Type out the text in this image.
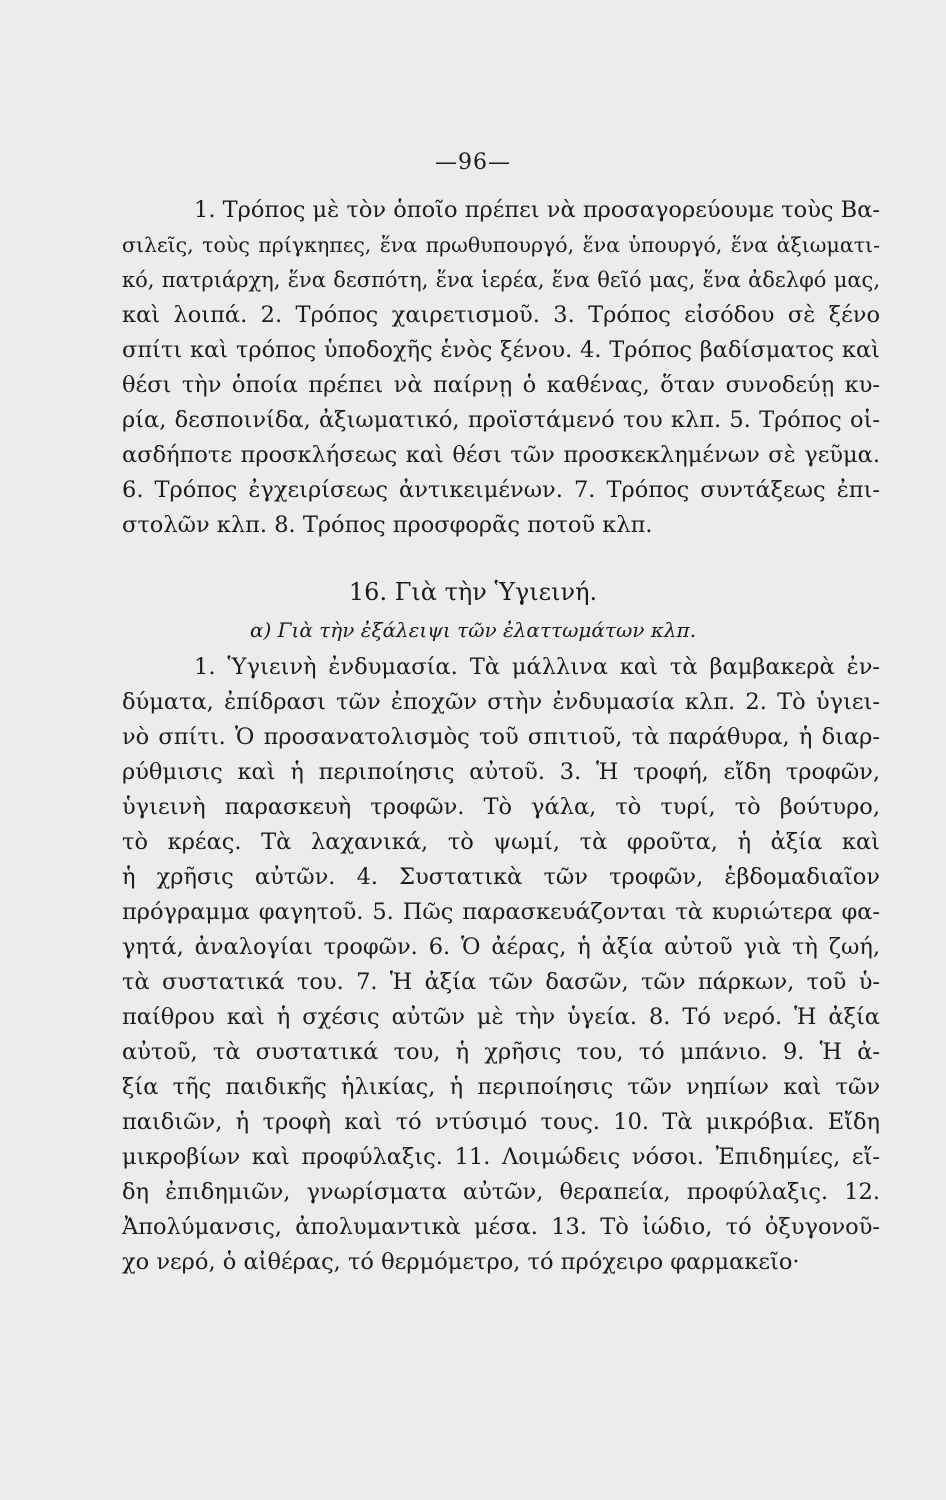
—96—
1. Τρόπος μὲ τὸν ὁποῖο πρέπει νὰ προσαγορεύουμε τοὺς Βα-
σιλεῖς, τοὺς πρίγκηπες, ἕνα πρωθυπουργό, ἕνα ὑπουργό, ἕνα ἀξιωματι-
κό, πατριάρχη, ἕνα δεσπότη, ἕνα ἱερέα, ἕνα θεῖό μας, ἕνα ἀδελφό μας,
καὶ λοιπά. 2. Τρόπος χαιρετισμοῦ. 3. Τρόπος εἰσόδου σὲ ξένο
σπίτι καὶ τρόπος ὑποδοχῆς ἑνὸς ξένου. 4. Τρόπος βαδίσματος καὶ
θέσι τὴν ὁποία πρέπει νὰ παίρνῃ ὁ καθένας, ὅταν συνοδεύῃ κυ-
ρία, δεσποινίδα, ἀξιωματικό, προϊστάμενό του κλπ. 5. Τρόπος οἱ-
ασδήποτε προσκλήσεως καὶ θέσι τῶν προσκεκλημένων σὲ γεῦμα.
6. Τρόπος ἐγχειρίσεως ἀντικειμένων. 7. Τρόπος συντάξεως ἐπι-
στολῶν κλπ. 8. Τρόπος προσφορᾶς ποτοῦ κλπ.
16. Γιὰ τὴν Ὑγιεινή.
α) Γιὰ τὴν ἐξάλειψι τῶν ἐλαττωμάτων κλπ.
1. Ὑγιεινὴ ἐνδυμασία. Τὰ μάλλινα καὶ τὰ βαμβακερὰ ἐν-
δύματα, ἐπίδρασι τῶν ἐποχῶν στὴν ἐνδυμασία κλπ. 2. Τὸ ὑγιει-
νὸ σπίτι. Ὁ προσανατολισμὸς τοῦ σπιτιοῦ, τὰ παράθυρα, ἡ διαρ-
ρύθμισις καὶ ἡ περιποίησις αὐτοῦ. 3. Ἡ τροφή, εἴδη τροφῶν,
ὑγιεινὴ παρασκευὴ τροφῶν. Τὸ γάλα, τὸ τυρί, τὸ βούτυρο,
τὸ κρέας. Τὰ λαχανικά, τὸ ψωμί, τὰ φροῦτα, ἡ ἀξία καὶ
ἡ χρῆσις αὐτῶν. 4. Συστατικὰ τῶν τροφῶν, ἑβδομαδιαῖον
πρόγραμμα φαγητοῦ. 5. Πῶς παρασκευάζονται τὰ κυριώτερα φα-
γητά, ἀναλογίαι τροφῶν. 6. Ὁ ἀέρας, ἡ ἀξία αὐτοῦ γιὰ τὴ ζωή,
τὰ συστατικά του. 7. Ἡ ἀξία τῶν δασῶν, τῶν πάρκων, τοῦ ὑ-
παίθρου καὶ ἡ σχέσις αὐτῶν μὲ τὴν ὑγεία. 8. Τό νερό. Ἡ ἀξία
αὐτοῦ, τὰ συστατικά του, ἡ χρῆσις του, τό μπάνιο. 9. Ἡ ἀ-
ξία τῆς παιδικῆς ἡλικίας, ἡ περιποίησις τῶν νηπίων καὶ τῶν
παιδιῶν, ἡ τροφὴ καὶ τό ντύσιμό τους. 10. Τὰ μικρόβια. Εἴδη
μικροβίων καὶ προφύλαξις. 11. Λοιμώδεις νόσοι. Ἐπιδημίες, εἴ-
δη ἐπιδημιῶν, γνωρίσματα αὐτῶν, θεραπεία, προφύλαξις. 12.
Ἀπολύμανσις, ἀπολυμαντικὰ μέσα. 13. Τὸ ἰώδιο, τό ὀξυγονοῦ-
χο νερό, ὁ αἰθέρας, τό θερμόμετρο, τό πρόχειρο φαρμακεῖο·
